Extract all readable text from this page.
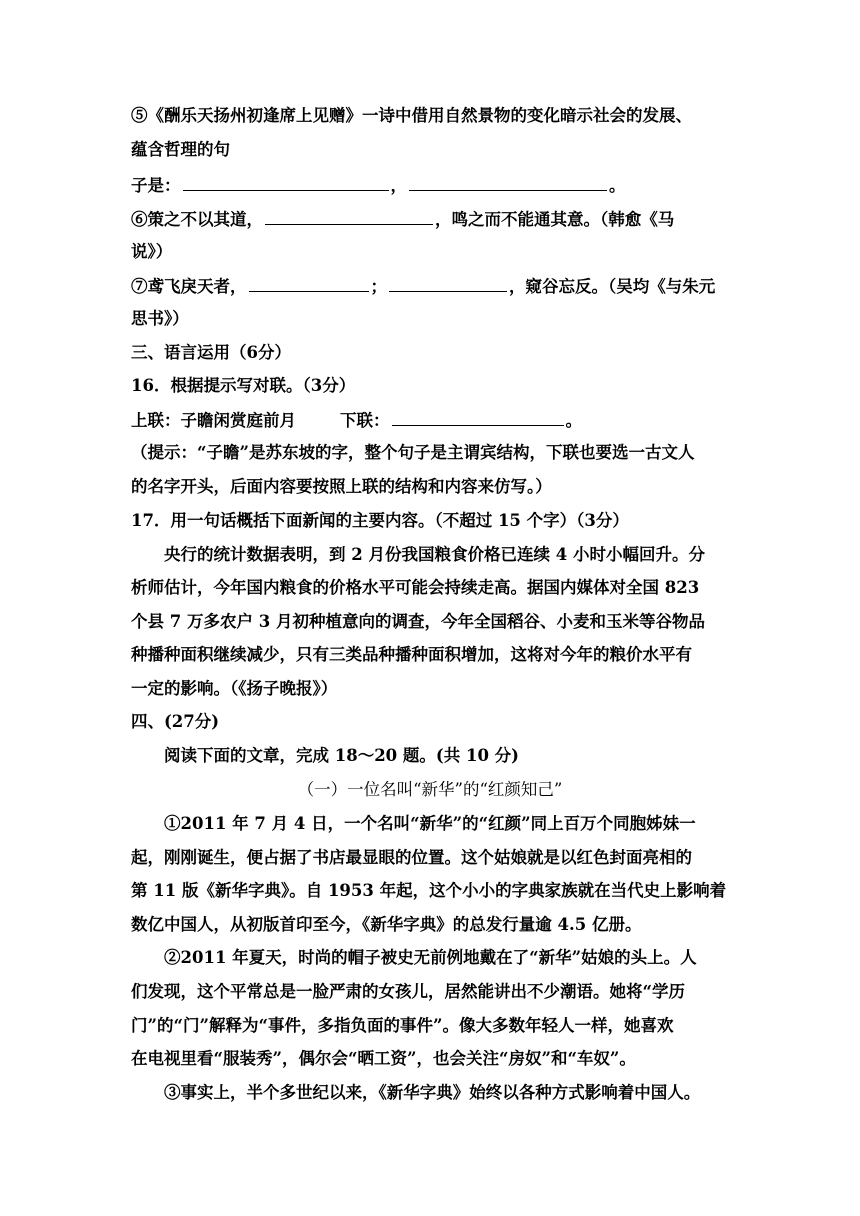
⑤《酬乐天扬州初逢席上见赠》一诗中借用自然景物的变化暗示社会的发展、
蕴含哲理的句
子是：	，	。
⑥策之不以其道，	，鸣之而不能通其意。（韩愈《马
说》）
⑦鸢飞戾天者，	；	，窥谷忘反。（吴均《与朱元
思书》）
三、语言运用（6分）
16．根据提示写对联。（3分）
上联：子瞻闲赏庭前月	下联：	。
（提示：“子瞻”是苏东坡的字，整个句子是主谓宾结构，下联也要选一古文人
的名字开头，后面内容要按照上联的结构和内容来仿写。）
17．用一句话概括下面新闻的主要内容。（不超过 15 个字）（3分）
央行的统计数据表明，到 2 月份我国粮食价格已连续 4 小时小幅回升。分
析师估计，今年国内粮食的价格水平可能会持续走高。据国内媒体对全国 823
个县 7 万多农户 3 月初种植意向的调查，今年全国稻谷、小麦和玉米等谷物品
种播种面积继续减少，只有三类品种播种面积增加，这将对今年的粮价水平有
一定的影响。（《扬子晚报》）
四、(27分)
阅读下面的文章，完成 18～20 题。(共 10 分)
（一）一位名叫“新华”的“红颜知己”
①2011 年 7 月 4 日，一个名叫“新华”的“红颜”同上百万个同胞姊妹一
起，刚刚诞生，便占据了书店最显眼的位置。这个姑娘就是以红色封面亮相的
第 11 版《新华字典》。自 1953 年起，这个小小的字典家族就在当代史上影响着
数亿中国人，从初版首印至今，《新华字典》的总发行量逾 4.5 亿册。
②2011 年夏天，时尚的帽子被史无前例地戴在了“新华”姑娘的头上。人
们发现，这个平常总是一脸严肃的女孩儿，居然能讲出不少潮语。她将“学历
门”的“门”解释为“事件，多指负面的事件”。像大多数年轻人一样，她喜欢
在电视里看“服装秀”，偶尔会“晒工资”，也会关注“房奴”和“车奴”。
③事实上，半个多世纪以来，《新华字典》始终以各种方式影响着中国人。
